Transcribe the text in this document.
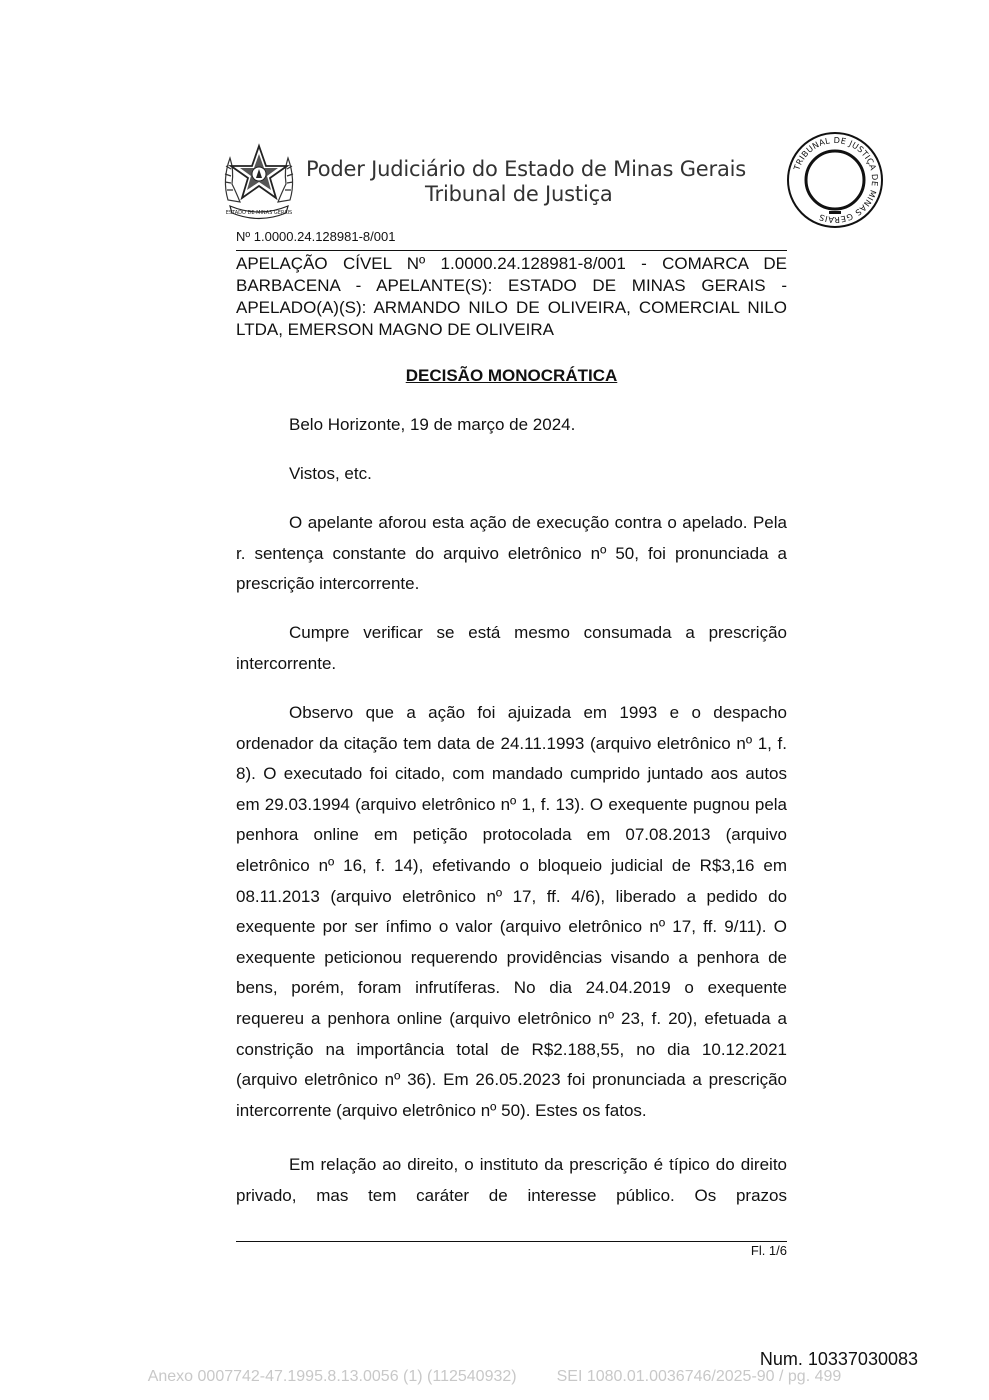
ESTADO DE MINAS GERAIS
Poder Judiciário do Estado de Minas Gerais
Tribunal de Justiça
TRIBUNAL DE JUSTIÇA DE MINAS GERAIS
Nº 1.0000.24.128981-8/001
APELAÇÃO CÍVEL Nº 1.0000.24.128981-8/001 - COMARCA DE
BARBACENA - APELANTE(S): ESTADO DE MINAS GERAIS -
APELADO(A)(S): ARMANDO NILO DE OLIVEIRA, COMERCIAL NILO
LTDA, EMERSON MAGNO DE OLIVEIRA
DECISÃO MONOCRÁTICA
Belo Horizonte, 19 de março de 2024.
Vistos, etc.
O apelante aforou esta ação de execução contra o apelado. Pela r. sentença constante do arquivo eletrônico nº 50, foi pronunciada a prescrição intercorrente.
Cumpre verificar se está mesmo consumada a prescrição intercorrente.
Observo que a ação foi ajuizada em 1993 e o despacho ordenador da citação tem data de 24.11.1993 (arquivo eletrônico nº 1, f. 8). O executado foi citado, com mandado cumprido juntado aos autos em 29.03.1994 (arquivo eletrônico nº 1, f. 13). O exequente pugnou pela penhora online em petição protocolada em 07.08.2013 (arquivo eletrônico nº 16, f. 14), efetivando o bloqueio judicial de R$3,16 em 08.11.2013 (arquivo eletrônico nº 17, ff. 4/6), liberado a pedido do exequente por ser ínfimo o valor (arquivo eletrônico nº 17, ff. 9/11). O exequente peticionou requerendo providências visando a penhora de bens, porém, foram infrutíferas. No dia 24.04.2019 o exequente requereu a penhora online (arquivo eletrônico nº 23, f. 20), efetuada a constrição na importância total de R$2.188,55, no dia 10.12.2021 (arquivo eletrônico nº 36). Em 26.05.2023 foi pronunciada a prescrição intercorrente (arquivo eletrônico nº 50). Estes os fatos.
Em relação ao direito, o instituto da prescrição é típico do direito privado, mas tem caráter de interesse público. Os prazos
Fl. 1/6
Num. 10337030083
Anexo 0007742-47.1995.8.13.0056 (1) (112540932)	SEI 1080.01.0036746/2025-90 / pg. 499
